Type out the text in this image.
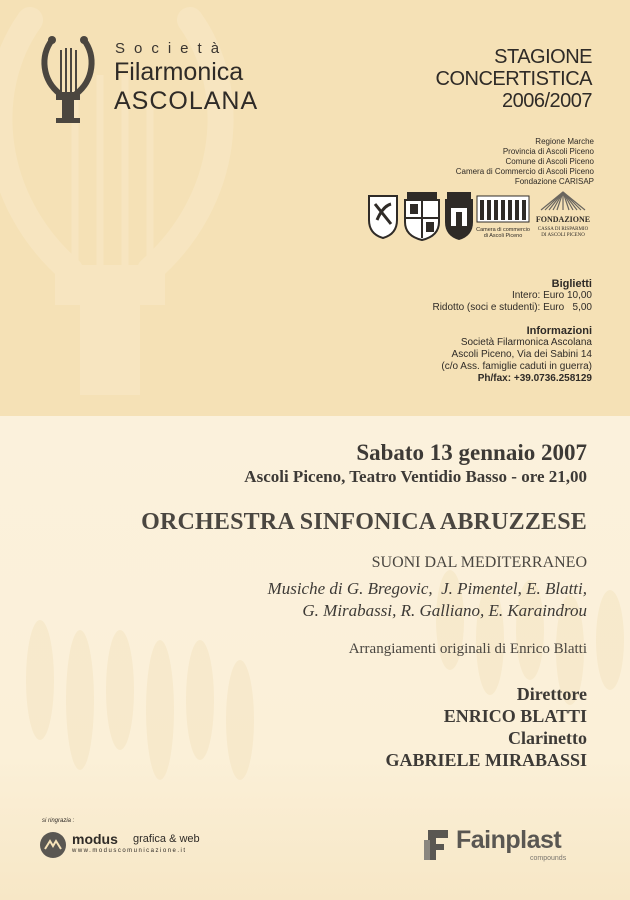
Società
Filarmonica
ASCOLANA
STAGIONE
CONCERTISTICA
2006/2007
Regione Marche
Provincia di Ascoli Piceno
Comune di Ascoli Piceno
Camera di Commercio di Ascoli Piceno
Fondazione CARISAP
Camera di commercio
di Ascoli Piceno
FONDAZIONE
CASSA DI RISPARMIO
DI ASCOLI PICENO
Biglietti
Intero: Euro 10,00
Ridotto (soci e studenti): Euro   5,00
Informazioni
Società Filarmonica Ascolana
Ascoli Piceno, Via dei Sabini 14
(c/o Ass. famiglie caduti in guerra)
Ph/fax: +39.0736.258129
Sabato 13 gennaio 2007
Ascoli Piceno, Teatro Ventidio Basso - ore 21,00
ORCHESTRA SINFONICA ABRUZZESE
SUONI DAL MEDITERRANEO
Musiche di G. Bregovic,  J. Pimentel, E. Blatti,
G. Mirabassi, R. Galliano, E. Karaindrou
Arrangiamenti originali di Enrico Blatti
Direttore
ENRICO BLATTI
Clarinetto
GABRIELE MIRABASSI
si ringrazia :
modus grafica & web
www.moduscomunicazione.it	Fainplast
compounds
